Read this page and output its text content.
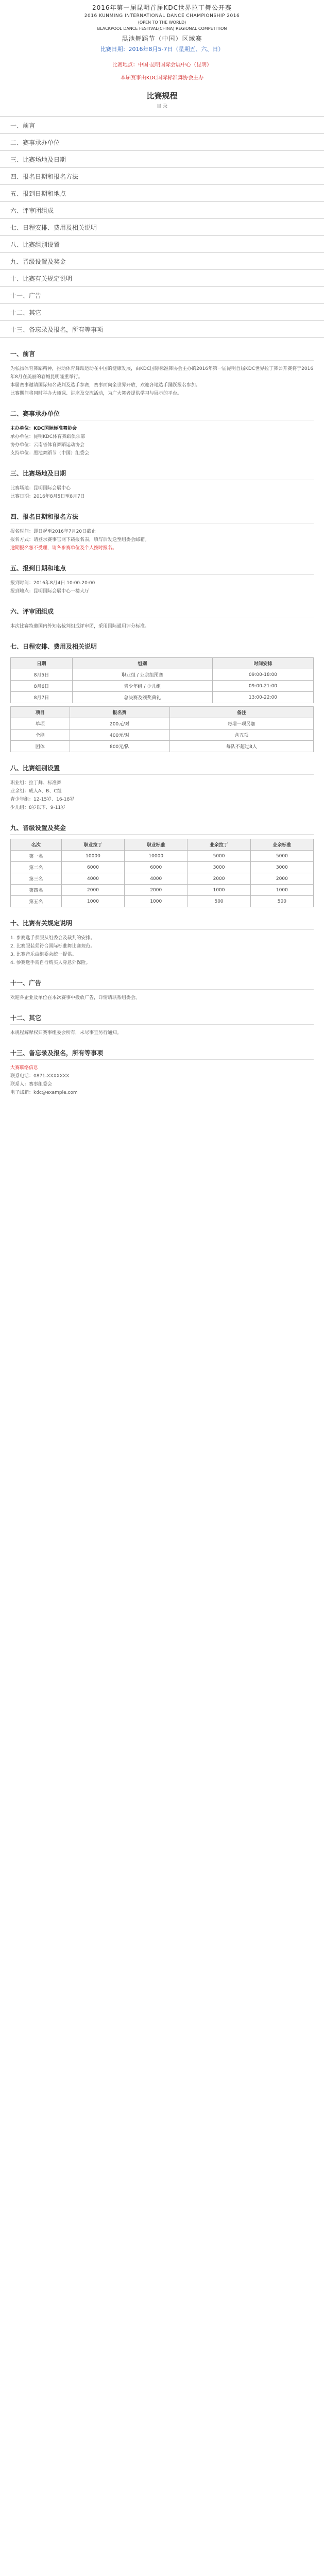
2016年第一届昆明首届KDC世界拉丁舞公开赛
2016 KUNMING INTERNATIONAL DANCE CHAMPIONSHIP 2016
(OPEN TO THE WORLD)
BLACKPOOL DANCE FESTIVAL(CHINA) REGIONAL COMPETITION
黑池舞蹈节（中国）区域赛
比赛日期：2016年8月5-7日（星期五、六、日）
比赛地点：中国·昆明国际会展中心（昆明）
本届赛事由KDC国际标准舞协会主办
比赛规程
目 录
一、前言
二、赛事承办单位
三、比赛场地及日期
四、报名日期和报名方法
五、报到日期和地点
六、评审团组成
七、日程安排、费用及相关说明
八、比赛组别设置
九、晋级设置及奖金
十、比赛有关规定说明
十一、广告
十二、其它
十三、备忘录及报名，所有等事项
一、前言
为弘扬体育舞蹈精神，推动体育舞蹈运动在中国的健康发展，由KDC国际标准舞协会主办的2016年第一届昆明首届KDC世界拉丁舞公开赛将于2016年8月在美丽的春城昆明隆重举行。
本届赛事邀请国际知名裁判及选手参赛，赛事面向全世界开放，欢迎各地选手踊跃报名参加。
比赛期间将同时举办大师课、讲座及交流活动，为广大舞者提供学习与展示的平台。
二、赛事承办单位
主办单位：KDC国际标准舞协会
承办单位：昆明KDC体育舞蹈俱乐部
协办单位：云南省体育舞蹈运动协会
支持单位：黑池舞蹈节（中国）组委会
三、比赛场地及日期
比赛场地：昆明国际会展中心
比赛日期：2016年8月5日至8月7日
四、报名日期和报名方法
报名时间：即日起至2016年7月20日截止
报名方式：请登录赛事官网下载报名表，填写后发送至组委会邮箱。
逾期报名恕不受理，请各参赛单位及个人按时报名。
五、报到日期和地点
报到时间：2016年8月4日 10:00-20:00
报到地点：昆明国际会展中心一楼大厅
六、评审团组成
本次比赛特邀国内外知名裁判组成评审团，采用国际通用评分标准。
七、日程安排、费用及相关说明
日期	组别	时间安排
8月5日	职业组 / 业余组预赛	09:00-18:00
8月6日	青少年组 / 少儿组	09:00-21:00
8月7日	总决赛及颁奖典礼	13:00-22:00
项目	报名费	备注
单项	200元/对	每增一项另加
全能	400元/对	含五项
团体	800元/队	每队不超过8人
八、比赛组别设置
职业组：拉丁舞、标准舞
业余组：成人A、B、C组
青少年组：12-15岁、16-18岁
少儿组：8岁以下、9-11岁
九、晋级设置及奖金
名次	职业拉丁	职业标准	业余拉丁	业余标准
第一名	10000	10000	5000	5000
第二名	6000	6000	3000	3000
第三名	4000	4000	2000	2000
第四名	2000	2000	1000	1000
第五名	1000	1000	500	500
十、比赛有关规定说明
1. 参赛选手须服从组委会及裁判的安排。
2. 比赛服装须符合国际标准舞比赛规范。
3. 比赛音乐由组委会统一提供。
4. 参赛选手需自行购买人身意外保险。
十一、广告
欢迎各企业及单位在本次赛事中投放广告，详情请联系组委会。
十二、其它
本规程解释权归赛事组委会所有，未尽事宜另行通知。
十三、备忘录及报名，所有等事项
大赛联络信息
联系电话：0871-XXXXXXX
联系人：赛事组委会
电子邮箱：kdc@example.com
